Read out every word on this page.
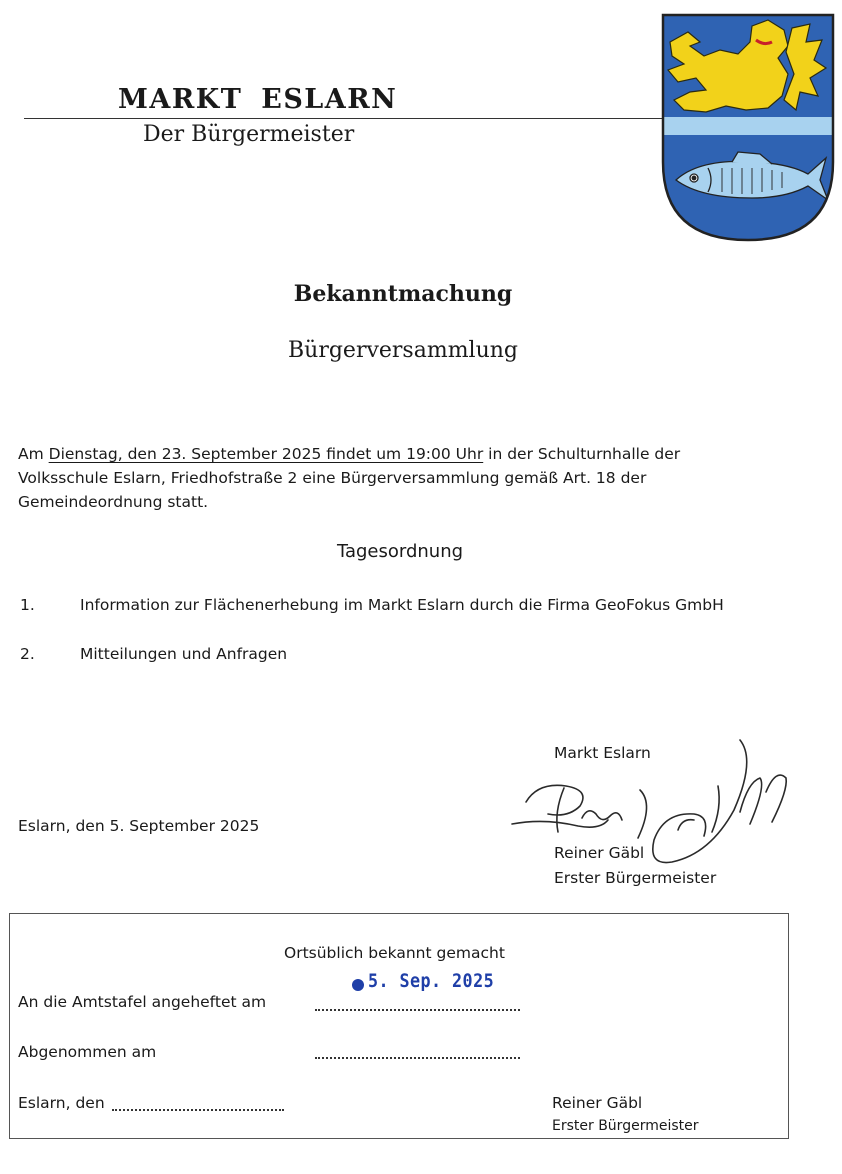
MARKT ESLARN
Der Bürgermeister
Bekanntmachung
Bürgerversammlung
Am Dienstag, den 23. September 2025 findet um 19:00 Uhr in der Schulturnhalle der
Volksschule Eslarn, Friedhofstraße 2 eine Bürgerversammlung gemäß Art. 18 der
Gemeindeordnung statt.
Tagesordnung
1.	Information zur Flächenerhebung im Markt Eslarn durch die Firma GeoFokus GmbH
2.	Mitteilungen und Anfragen
Markt Eslarn
Reiner Gäbl
Erster Bürgermeister
Eslarn, den 5. September 2025
Ortsüblich bekannt gemacht
5. Sep. 2025
An die Amtstafel angeheftet am
Abgenommen am
Eslarn, den	Reiner Gäbl
Erster Bürgermeister
